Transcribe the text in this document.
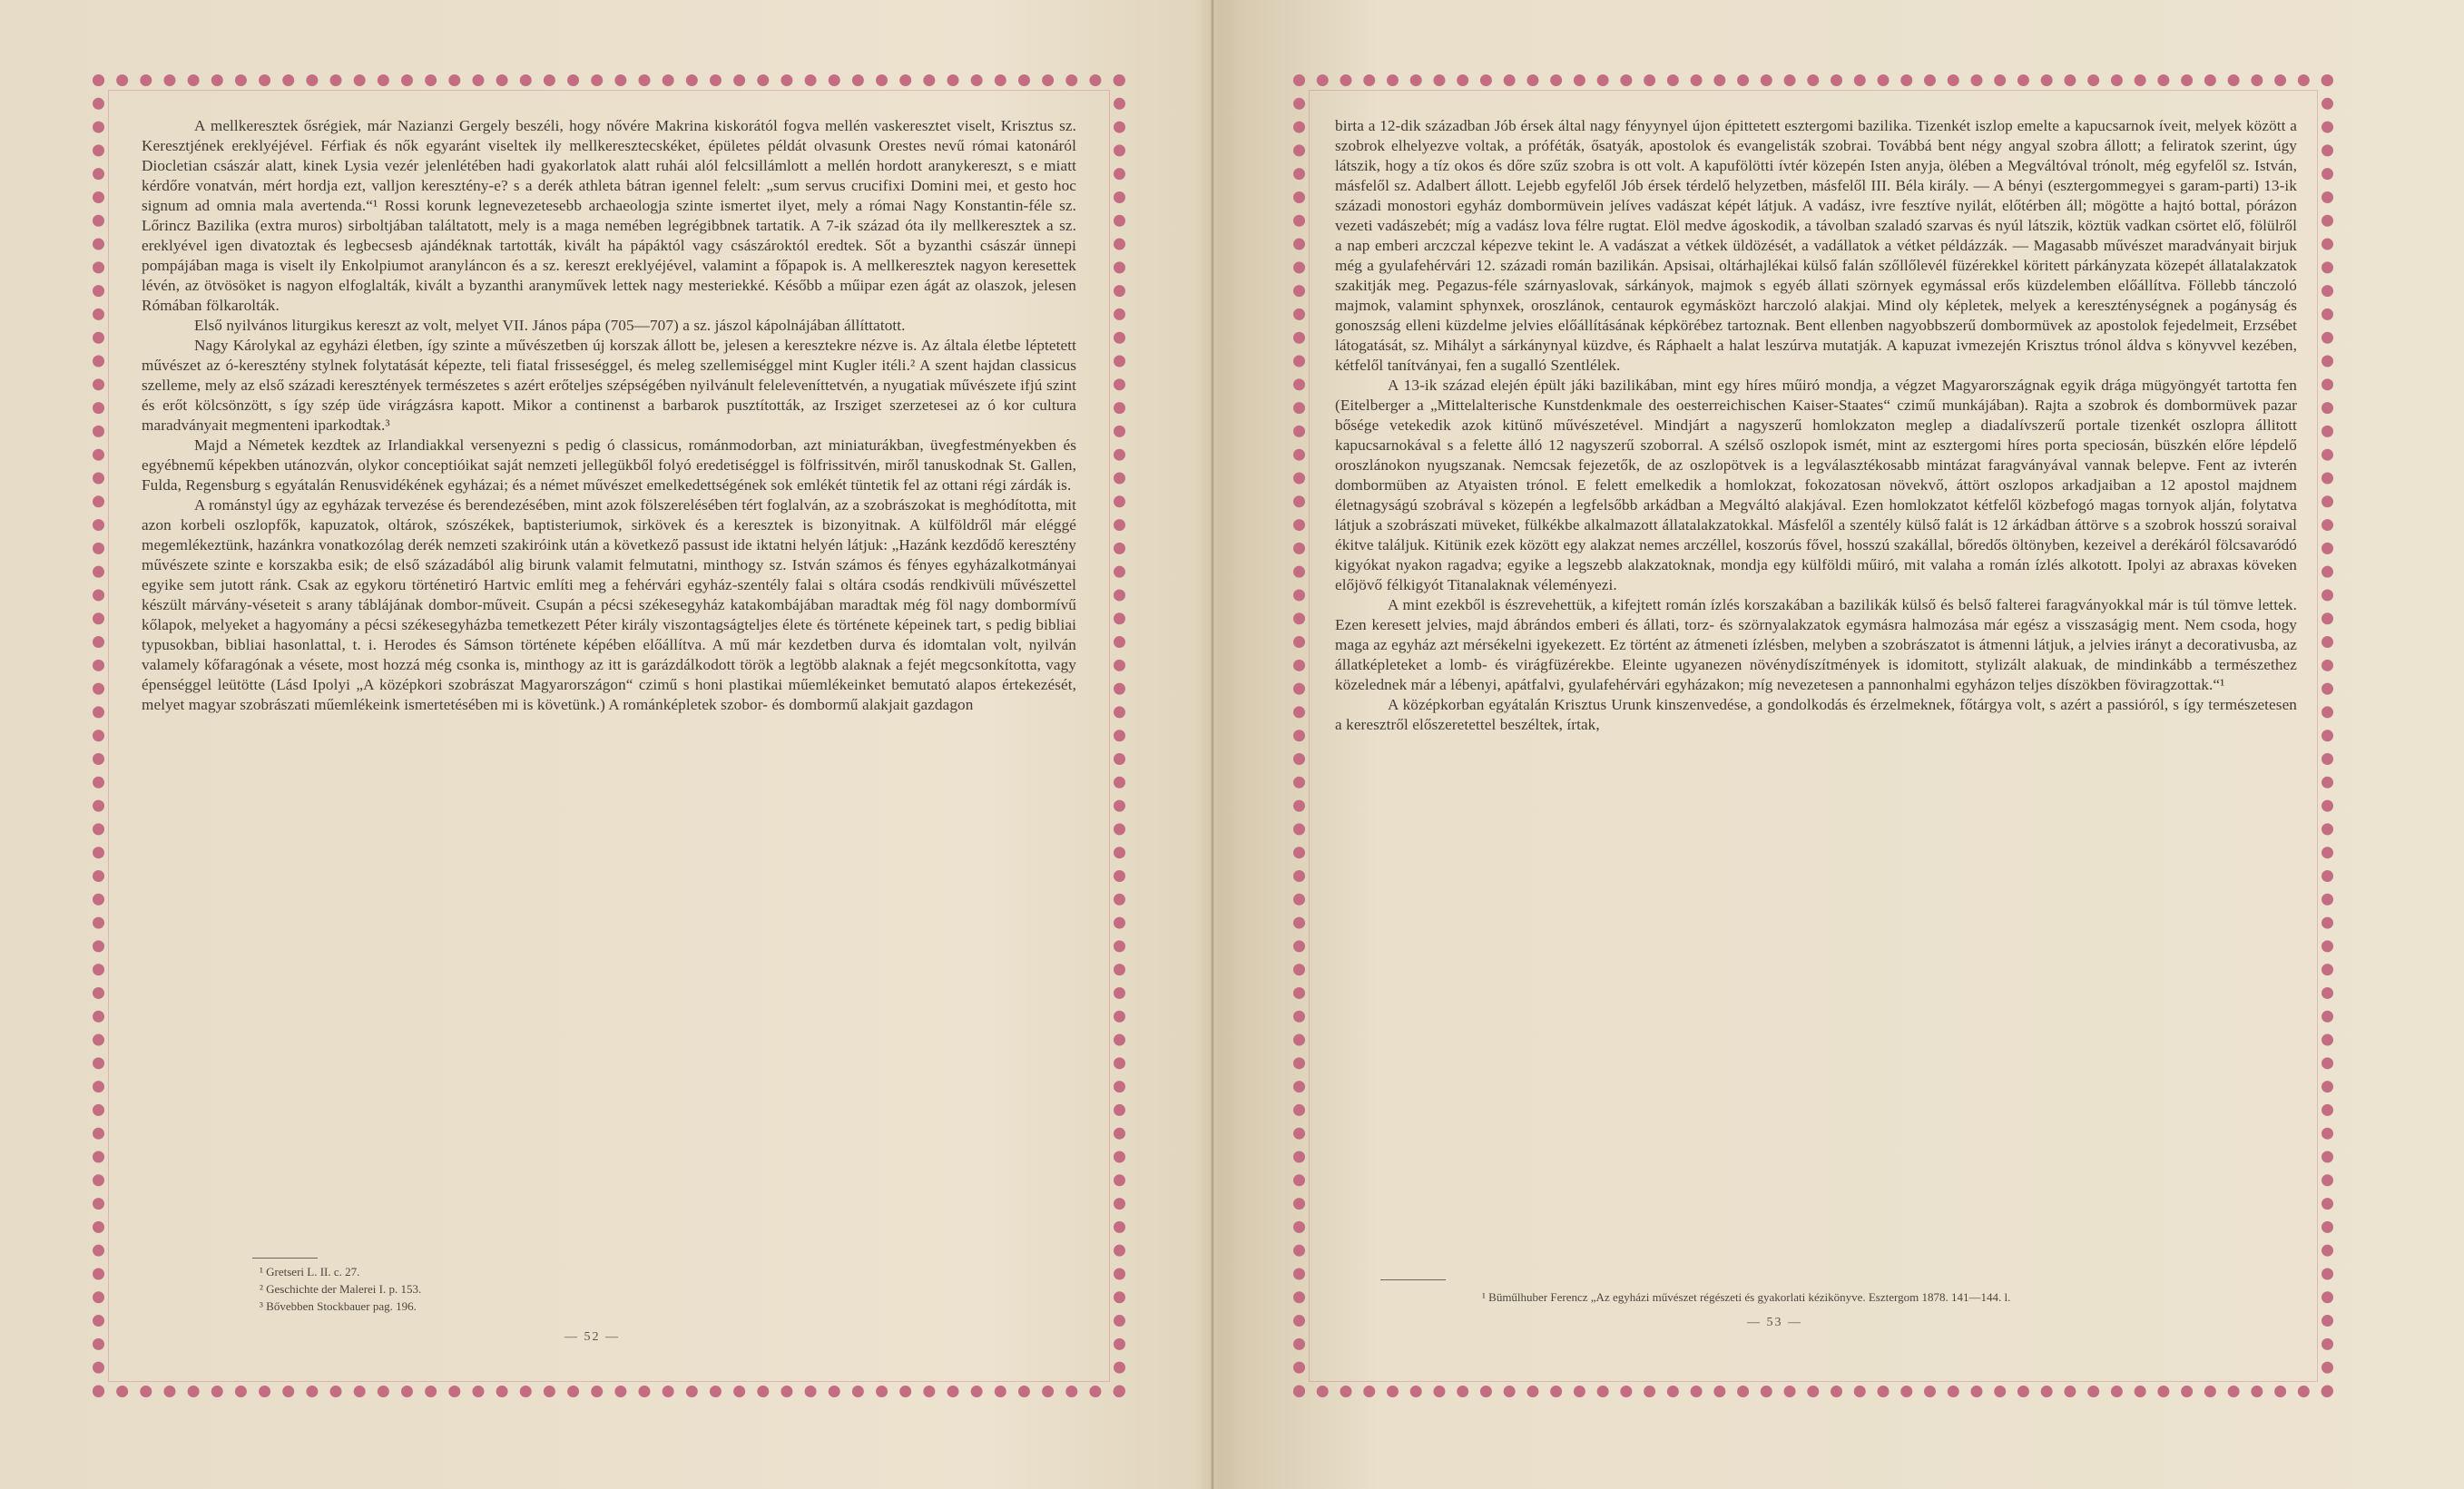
A mellkeresztek ősrégiek, már Nazianzi Gergely beszéli, hogy nővére Makrina kiskorától fogva mellén vaskeresztet viselt, Krisztus sz. Keresztjének ereklyéjével. Férfiak és nők egyaránt viseltek ily mellkeresztecskéket, épületes példát olvasunk Orestes nevű római katonáról Diocletian császár alatt, kinek Lysia vezér jelenlétében hadi gyakorlatok alatt ruhái alól felcsillámlott a mellén hordott aranykereszt, s e miatt kérdőre vonatván, mért hordja ezt, valljon keresztény-e? s a derék athleta bátran igennel felelt: „sum servus crucifixi Domini mei, et gesto hoc signum ad omnia mala avertenda.“¹ Rossi korunk legnevezetesebb archaeologja szinte ismertet ilyet, mely a római Nagy Konstantin-féle sz. Lőrincz Bazilika (extra muros) sirboltjában találtatott, mely is a maga nemében legrégibbnek tartatik. A 7-ik század óta ily mellkeresztek a sz. ereklyével igen divatoztak és legbecsesb ajándéknak tartották, kivált ha pápáktól vagy császároktól eredtek. Sőt a byzanthi császár ünnepi pompájában maga is viselt ily Enkolpiumot aranyláncon és a sz. kereszt ereklyéjével, valamint a főpapok is. A mellkeresztek nagyon keresettek lévén, az ötvösöket is nagyon elfoglalták, kivált a byzanthi aranyművek lettek nagy mesteriekké. Később a műipar ezen ágát az olaszok, jelesen Rómában fölkarolták.

Első nyilvános liturgikus kereszt az volt, melyet VII. János pápa (705—707) a sz. jászol kápolnájában állíttatott.

Nagy Károlykal az egyházi életben, így szinte a művészetben új korszak állott be, jelesen a keresztekre nézve is. Az általa életbe léptetett művészet az ó-keresztény stylnek folytatását képezte, teli fiatal frisseséggel, és meleg szellemiséggel mint Kugler itéli.² A szent hajdan classicus szelleme, mely az első századi keresztények természetes s azért erőteljes szépségében nyilvánult feleleveníttetvén, a nyugatiak művészete ifjú szint és erőt kölcsönzött, s így szép üde virágzásra kapott. Mikor a continenst a barbarok pusztították, az Irsziget szerzetesei az ó kor cultura maradványait megmenteni iparkodtak.³

Majd a Németek kezdtek az Irlandiakkal versenyezni s pedig ó classicus, románmodorban, azt miniaturákban, üvegfestményekben és egyébnemű képekben utánozván, olykor conceptióikat saját nemzeti jellegükből folyó eredetiséggel is fölfrissitvén, miről tanuskodnak St. Gallen, Fulda, Regensburg s egyátalán Renusvidékének egyházai; és a német művészet emelkedettségének sok emlékét tüntetik fel az ottani régi zárdák is.

A románstyl úgy az egyházak tervezése és berendezésében, mint azok fölszerelésében tért foglalván, az a szobrászokat is meghódította, mit azon korbeli oszlopfők, kapuzatok, oltárok, szószékek, baptisteriumok, sirkövek és a keresztek is bizonyitnak. A külföldről már eléggé megemlékeztünk, hazánkra vonatkozólag derék nemzeti szakiróink után a következő passust ide iktatni helyén látjuk: „Hazánk kezdődő keresztény művészete szinte e korszakba esik; de első századából alig birunk valamit felmutatni, minthogy sz. István számos és fényes egyházalkotmányai egyike sem jutott ránk. Csak az egykoru történetiró Hartvic említi meg a fehérvári egyház-szentély falai s oltára csodás rendkivüli művészettel készült márvány-véseteit s arany táblájának dombor-műveit. Csupán a pécsi székesegyház katakombájában maradtak még föl nagy dombormívű kőlapok, melyeket a hagyomány a pécsi székesegyházba temetkezett Péter király viszontagságteljes élete és története képeinek tart, s pedig bibliai typusokban, bibliai hasonlattal, t. i. Herodes és Sámson története képében előállítva. A mű már kezdetben durva és idomtalan volt, nyilván valamely kőfaragónak a vésete, most hozzá még csonka is, minthogy az itt is garázdálkodott török a legtöbb alaknak a fejét megcsonkította, vagy épenséggel leütötte (Lásd Ipolyi „A középkori szobrászat Magyarországon“ czimű s honi plastikai műemlékeinket bemutató alapos értekezését, melyet magyar szobrászati műemlékeink ismertetésében mi is követünk.) A románképletek szobor- és dombormű alakjait gazdagon

¹ Gretseri L. II. c. 27.
² Geschichte der Malerei I. p. 153.
³ Bővebben Stockbauer pag. 196.
— 52 —

birta a 12-dik században Jób érsek által nagy fényynyel újon épittetett esztergomi bazilika. Tizenkét iszlop emelte a kapucsarnok íveit, melyek között a szobrok elhelyezve voltak, a próféták, ősatyák, apostolok és evangelisták szobrai. Továbbá bent négy angyal szobra állott; a feliratok szerint, úgy látszik, hogy a tíz okos és dőre szűz szobra is ott volt. A kapufölötti ívtér közepén Isten anyja, ölében a Megváltóval trónolt, még egyfelől sz. István, másfelől sz. Adalbert állott. Lejebb egyfelől Jób érsek térdelő helyzetben, másfelől III. Béla király. — A bényi (esztergommegyei s garam-parti) 13-ik századi monostori egyház dombormüvein jelíves vadászat képét látjuk. A vadász, ivre fesztíve nyilát, előtérben áll; mögötte a hajtó bottal, pórázon vezeti vadászebét; míg a vadász lova félre rugtat. Elöl medve ágoskodik, a távolban szaladó szarvas és nyúl látszik, köztük vadkan csörtet elő, fölülről a nap emberi arczczal képezve tekint le. A vadászat a vétkek üldözését, a vadállatok a vétket példázzák. — Magasabb művészet maradványait birjuk még a gyulafehérvári 12. századi román bazilikán. Apsisai, oltárhajlékai külső falán szőllőlevél füzérekkel köritett párkányzata közepét állatalakzatok szakitják meg. Pegazus-féle szárnyaslovak, sárkányok, majmok s egyéb állati szörnyek egymással erős küzdelemben előállítva. Föllebb tánczoló majmok, valamint sphynxek, oroszlánok, centaurok egymásközt harczoló alakjai. Mind oly képletek, melyek a kereszténységnek a pogányság és gonoszság elleni küzdelme jelvies előállításának képkörébez tartoznak. Bent ellenben nagyobbszerű dombormüvek az apostolok fejedelmeit, Erzsébet látogatását, sz. Mihályt a sárkánynyal küzdve, és Ráphaelt a halat leszúrva mutatják. A kapuzat ivmezején Krisztus trónol áldva s könyvvel kezében, kétfelől tanítványai, fen a sugalló Szentlélek.

A 13-ik század elején épült jáki bazilikában, mint egy híres műiró mondja, a végzet Magyarországnak egyik drága mügyöngyét tartotta fen (Eitelberger a „Mittelalterische Kunstdenkmale des oesterreichischen Kaiser-Staates“ czimű munkájában). Rajta a szobrok és dombormüvek pazar bősége vetekedik azok kitünő művészetével. Mindjárt a nagyszerű homlokzaton meglep a diadalívszerű portale tizenkét oszlopra állitott kapucsarnokával s a felette álló 12 nagyszerű szoborral. A szélső oszlopok ismét, mint az esztergomi híres porta speciosán, büszkén előre lépdelő oroszlánokon nyugszanak. Nemcsak fejezetők, de az oszlopötvek is a legválasztékosabb mintázat faragványával vannak belepve. Fent az ivterén dombormüben az Atyaisten trónol. E felett emelkedik a homlokzat, fokozatosan növekvő, áttört oszlopos arkadjaiban a 12 apostol majdnem életnagyságú szobrával s közepén a legfelsőbb arkádban a Megváltó alakjával. Ezen homlokzatot kétfelől közbefogó magas tornyok alján, folytatva látjuk a szobrászati müveket, fülkékbe alkalmazott állatalakzatokkal. Másfelől a szentély külső falát is 12 árkádban áttörve s a szobrok hosszú soraival ékitve találjuk. Kitünik ezek között egy alakzat nemes arczéllel, koszorús fővel, hosszú szakállal, bőredős öltönyben, kezeivel a derékáról fölcsavaródó kigyókat nyakon ragadva; egyike a legszebb alakzatoknak, mondja egy külföldi műiró, mit valaha a román ízlés alkotott. Ipolyi az abraxas köveken előjövő félkigyót Titanalaknak véleményezi.

A mint ezekből is észrevehettük, a kifejtett román ízlés korszakában a bazilikák külső és belső falterei faragványokkal már is túl tömve lettek. Ezen keresett jelvies, majd ábrándos emberi és állati, torz- és szörnyalakzatok egymásra halmozása már egész a visszaságig ment. Nem csoda, hogy maga az egyház azt mérsékelni igyekezett. Ez történt az átmeneti ízlésben, melyben a szobrászatot is átmenni látjuk, a jelvies irányt a decorativusba, az állatképleteket a lomb- és virágfüzérekbe. Eleinte ugyanezen növénydíszítmények is idomitott, stylizált alakuak, de mindinkább a természethez közelednek már a lébenyi, apátfalvi, gyulafehérvári egyházakon; míg nevezetesen a pannonhalmi egyházon teljes díszökben föviragzottak.“¹

A középkorban egyátalán Krisztus Urunk kinszenvedése, a gondolkodás és érzelmeknek, főtárgya volt, s azért a passióról, s így természetesen a keresztről előszeretettel beszéltek, írtak,

¹ Büműlhuber Ferencz „Az egyházi művészet régészeti és gyakorlati kézikönyve. Esztergom 1878. 141—144. l.
— 53 —
